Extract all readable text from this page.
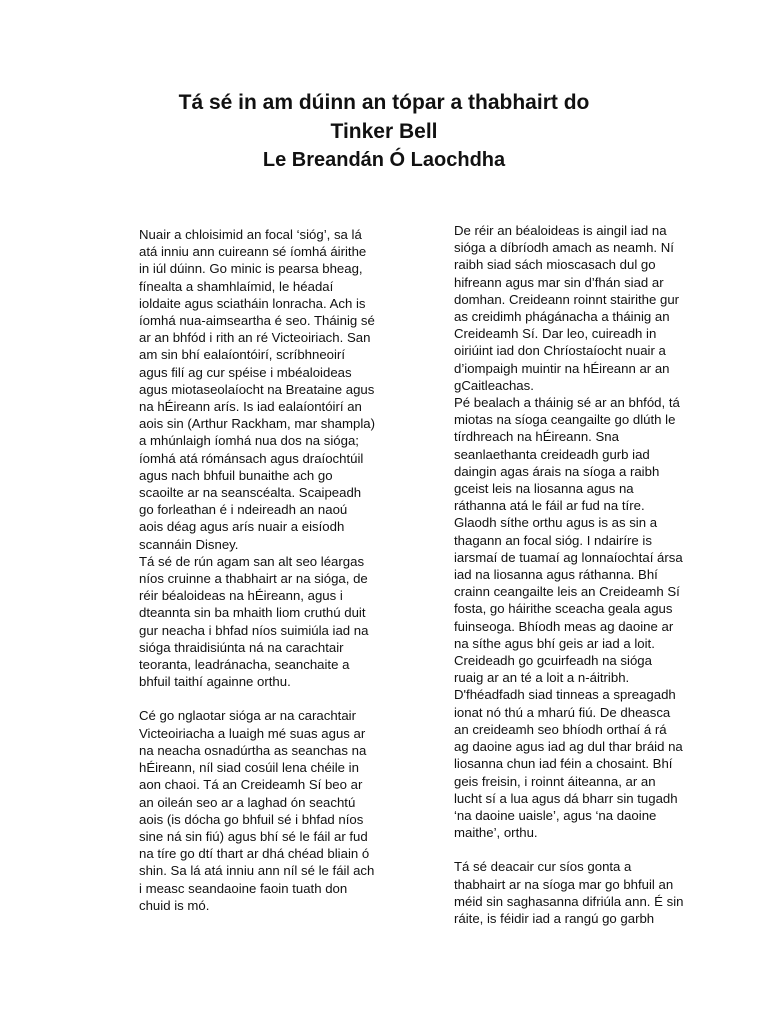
Tá sé in am dúinn an tópar a thabhairt do
Tinker Bell

Le Breandán Ó Laochdha

Nuair a chloisimid an focal ‘sióg’, sa lá atá inniu ann cuireann sé íomhá áirithe in iúl dúinn. Go minic is pearsa bheag, fínealta a shamhlaímid, le héadaí ioldaite agus sciatháin lonracha. Ach is íomhá nua-aimseartha é seo. Tháinig sé ar an bhfód i rith an ré Victeoiriach. San am sin bhí ealaíontóirí, scríbhneoirí agus filí ag cur spéise i mbéaloideas agus miotaseolaíocht na Breataine agus na hÉireann arís. Is iad ealaíontóirí an aois sin (Arthur Rackham, mar shampla) a mhúnlaigh íomhá nua dos na sióga; íomhá atá rómánsach agus draíochtúil agus nach bhfuil bunaithe ach go scaoilte ar na seanscéalta. Scaipeadh go forleathan é i ndeireadh an naoú aois déag agus arís nuair a eisíodh scannáin Disney.

Tá sé de rún agam san alt seo léargas níos cruinne a thabhairt ar na sióga, de réir béaloideas na hÉireann, agus i dteannta sin ba mhaith liom cruthú duit gur neacha i bhfad níos suimiúla iad na sióga thraidisiúnta ná na carachtair teoranta, leadránacha, seanchaite a bhfuil taithí againne orthu.

Cé go nglaotar sióga ar na carachtair Victeoiriacha a luaigh mé suas agus ar na neacha osnadúrtha as seanchas na hÉireann, níl siad cosúil lena chéile in aon chaoi. Tá an Creideamh Sí beo ar an oileán seo ar a laghad ón seachtú aois (is dócha go bhfuil sé i bhfad níos sine ná sin fiú) agus bhí sé le fáil ar fud na tíre go dtí thart ar dhá chéad bliain ó shin. Sa lá atá inniu ann níl sé le fáil ach i measc seandaoine faoin tuath don chuid is mó.

De réir an béaloideas is aingil iad na sióga a díbríodh amach as neamh. Ní raibh siad sách mioscasach dul go hifreann agus mar sin d’fhán siad ar domhan. Creideann roinnt stairithe gur as creidimh phágánacha a tháinig an Creideamh Sí. Dar leo, cuireadh in oiriúint iad don Chríostaíocht nuair a d’iompaigh muintir na hÉireann ar an gCaitleachas.

Pé bealach a tháinig sé ar an bhfód, tá miotas na síoga ceangailte go dlúth le tírdhreach na hÉireann. Sna seanlaethanta creideadh gurb iad daingin agas árais na síoga a raibh gceist leis na liosanna agus na ráthanna atá le fáil ar fud na tíre. Glaodh síthe orthu agus is as sin a thagann an focal sióg. I ndairíre is iarsmaí de tuamaí ag lonnaíochtaí ársa iad na liosanna agus ráthanna. Bhí crainn ceangailte leis an Creideamh Sí fosta, go háirithe sceacha geala agus fuinseoga. Bhíodh meas ag daoine ar na síthe agus bhí geis ar iad a loit. Creideadh go gcuirfeadh na sióga ruaig ar an té a loit a n-áitribh. D'fhéadfadh siad tinneas a spreagadh ionat nó thú a mharú fiú. De dheasca an creideamh seo bhíodh orthaí á rá ag daoine agus iad ag dul thar bráid na liosanna chun iad féin a chosaint. Bhí geis freisin, i roinnt áiteanna, ar an lucht sí a lua agus dá bharr sin tugadh ‘na daoine uaisle’, agus ‘na daoine maithe’, orthu.

Tá sé deacair cur síos gonta a thabhairt ar na síoga mar go bhfuil an méid sin saghasanna difriúla ann. É sin ráite, is féidir iad a rangú go garbh
